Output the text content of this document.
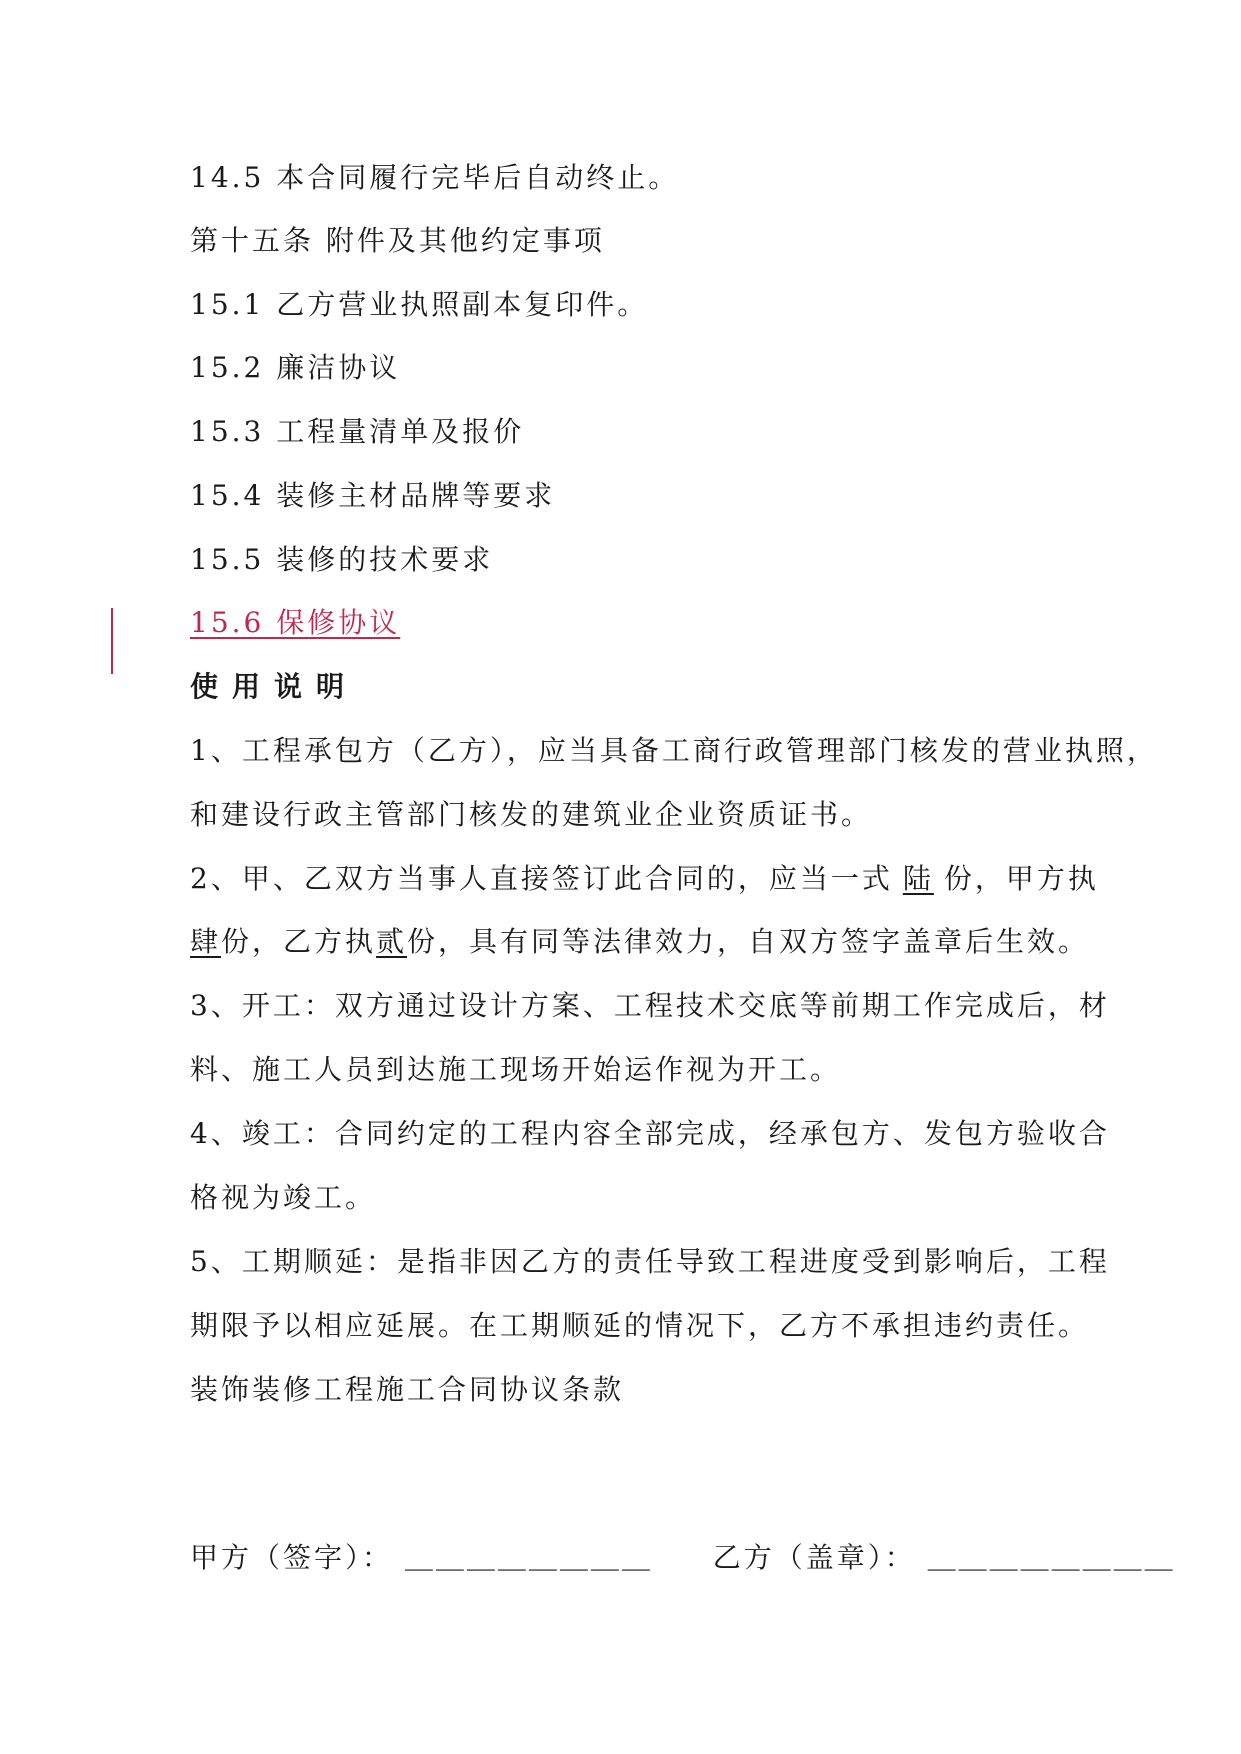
14.5 本合同履行完毕后自动终止。
第十五条 附件及其他约定事项
15.1 乙方营业执照副本复印件。
15.2 廉洁协议
15.3 工程量清单及报价
15.4 装修主材品牌等要求
15.5 装修的技术要求
15.6 保修协议
使用说明
1、工程承包方（乙方），应当具备工商行政管理部门核发的营业执照，
和建设行政主管部门核发的建筑业企业资质证书。
2、甲、乙双方当事人直接签订此合同的，应当一式 陆 份，甲方执
肆份，乙方执贰份，具有同等法律效力，自双方签字盖章后生效。
3、开工：双方通过设计方案、工程技术交底等前期工作完成后，材
料、施工人员到达施工现场开始运作视为开工。
4、竣工：合同约定的工程内容全部完成，经承包方、发包方验收合
格视为竣工。
5、工期顺延：是指非因乙方的责任导致工程进度受到影响后，工程
期限予以相应延展。在工期顺延的情况下，乙方不承担违约责任。
装饰装修工程施工合同协议条款
甲方（签字）： ＿＿＿＿＿＿＿＿ 乙方（盖章）： ＿＿＿＿＿＿＿＿
